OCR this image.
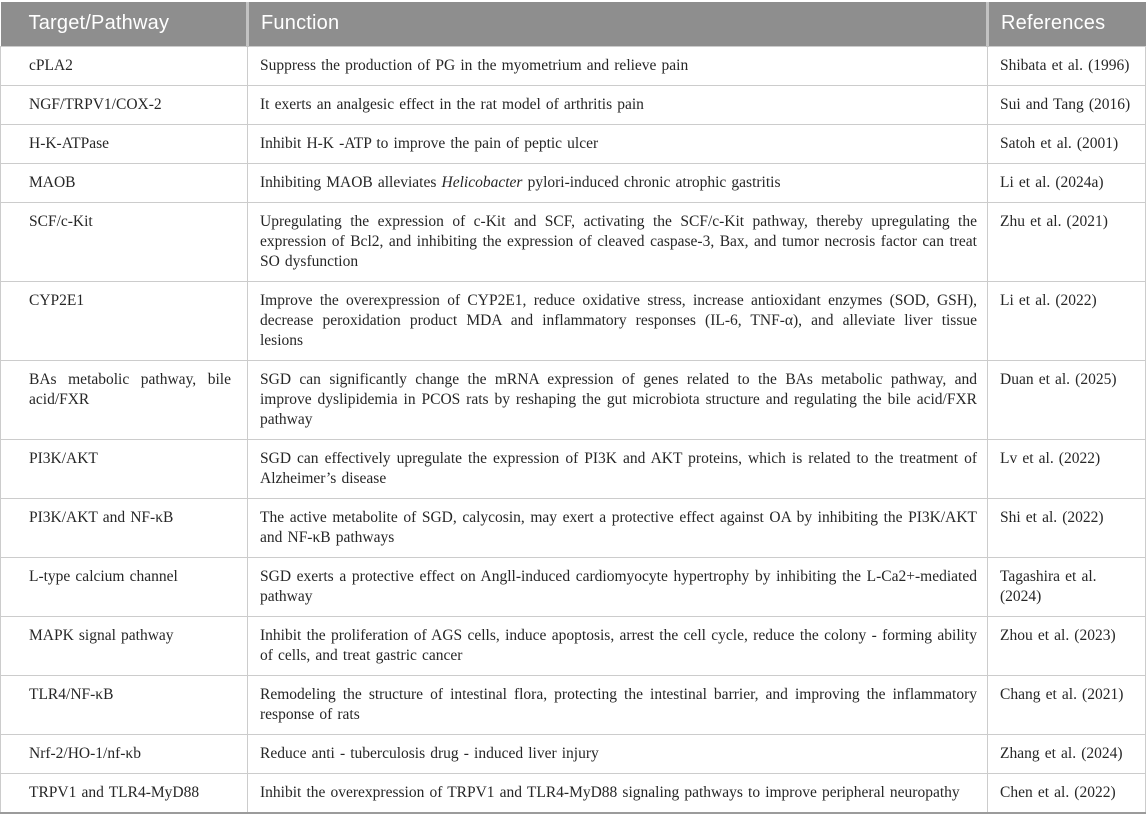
Target/Pathway	Function	References
cPLA2	Suppress the production of PG in the myometrium and relieve pain	Shibata et al. (1996)
NGF/TRPV1/COX-2	It exerts an analgesic effect in the rat model of arthritis pain	Sui and Tang (2016)
H-K-ATPase	Inhibit H-K -ATP to improve the pain of peptic ulcer	Satoh et al. (2001)
MAOB	Inhibiting MAOB alleviates Helicobacter pylori-induced chronic atrophic gastritis	Li et al. (2024a)
SCF/c-Kit	Upregulating the expression of c-Kit and SCF, activating the SCF/c-Kit pathway, thereby upregulating the expression of Bcl2, and inhibiting the expression of cleaved caspase-3, Bax, and tumor necrosis factor can treat SO dysfunction	Zhu et al. (2021)
CYP2E1	Improve the overexpression of CYP2E1, reduce oxidative stress, increase antioxidant enzymes (SOD, GSH), decrease peroxidation product MDA and inflammatory responses (IL-6, TNF-α), and alleviate liver tissue lesions	Li et al. (2022)
BAs metabolic pathway, bile acid/FXR	SGD can significantly change the mRNA expression of genes related to the BAs metabolic pathway, and improve dyslipidemia in PCOS rats by reshaping the gut microbiota structure and regulating the bile acid/FXR pathway	Duan et al. (2025)
PI3K/AKT	SGD can effectively upregulate the expression of PI3K and AKT proteins, which is related to the treatment of Alzheimer’s disease	Lv et al. (2022)
PI3K/AKT and NF-κB	The active metabolite of SGD, calycosin, may exert a protective effect against OA by inhibiting the PI3K/AKT and NF-κB pathways	Shi et al. (2022)
L-type calcium channel	SGD exerts a protective effect on Angll-induced cardiomyocyte hypertrophy by inhibiting the L-Ca2+-mediated pathway	Tagashira et al. (2024)
MAPK signal pathway	Inhibit the proliferation of AGS cells, induce apoptosis, arrest the cell cycle, reduce the colony - forming ability of cells, and treat gastric cancer	Zhou et al. (2023)
TLR4/NF-κB	Remodeling the structure of intestinal flora, protecting the intestinal barrier, and improving the inflammatory response of rats	Chang et al. (2021)
Nrf-2/HO-1/nf-κb	Reduce anti - tuberculosis drug - induced liver injury	Zhang et al. (2024)
TRPV1 and TLR4-MyD88	Inhibit the overexpression of TRPV1 and TLR4-MyD88 signaling pathways to improve peripheral neuropathy	Chen et al. (2022)
